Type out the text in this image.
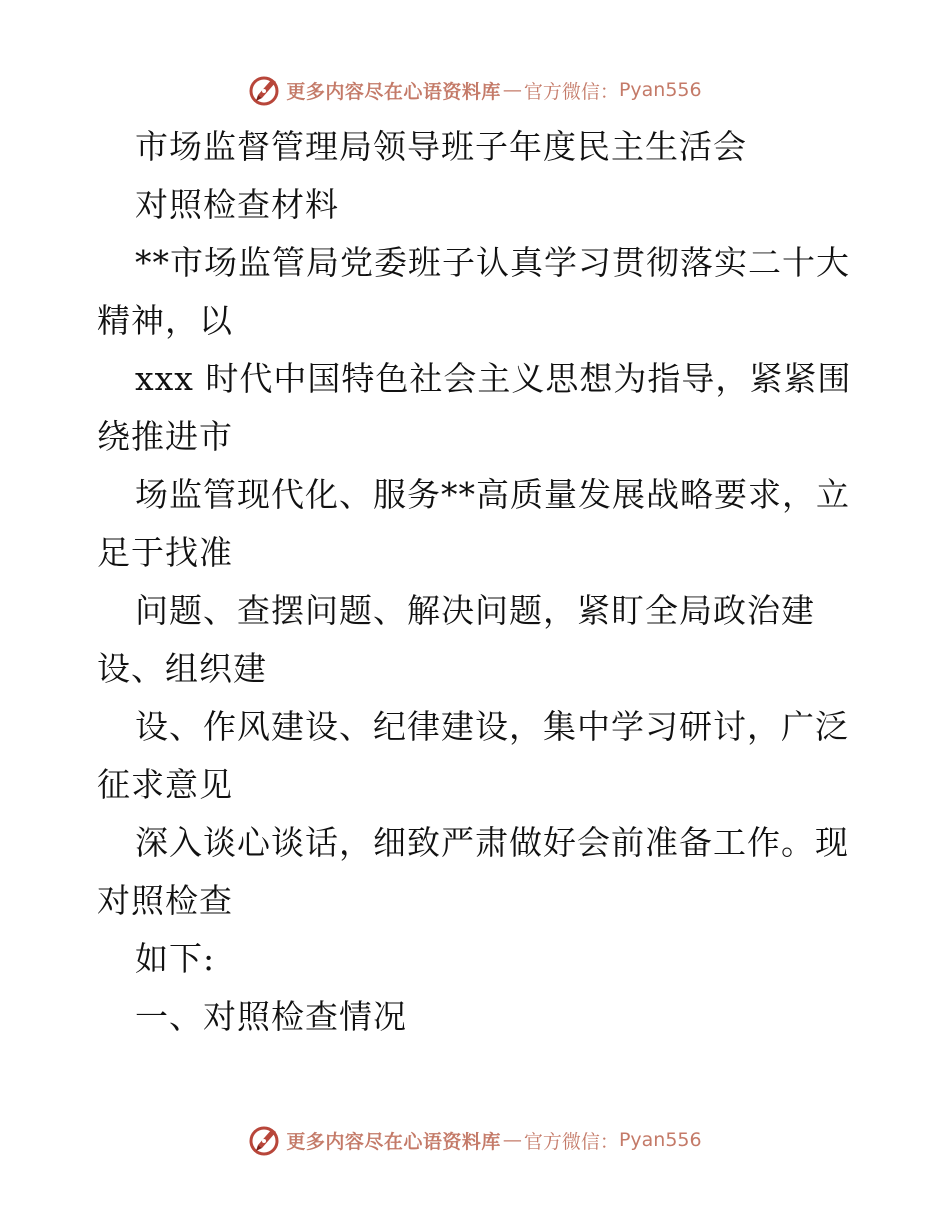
更多内容尽在心语资料库 — 官方微信： Pyan556
市场监督管理局领导班子年度民主生活会
对照检查材料
**市场监管局党委班子认真学习贯彻落实二十大
精神，以
xxx 时代中国特色社会主义思想为指导，紧紧围
绕推进市
场监管现代化、服务**高质量发展战略要求，立
足于找准
问题、查摆问题、解决问题，紧盯全局政治建
设、组织建
设、作风建设、纪律建设，集中学习研讨，广泛
征求意见
深入谈心谈话，细致严肃做好会前准备工作。现
对照检查
如下:
一、对照检查情况
更多内容尽在心语资料库 — 官方微信： Pyan556
